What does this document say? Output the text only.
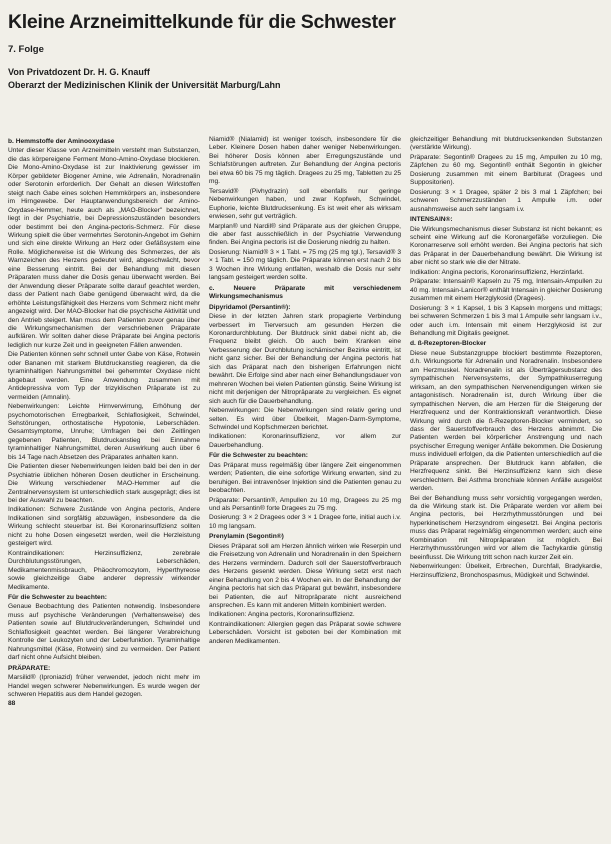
Kleine Arzneimittelkunde für die Schwester
7. Folge
Von Privatdozent Dr. H. G. Knauff
Oberarzt der Medizinischen Klinik der Universität Marburg/Lahn

b. Hemmstoffe der Aminooxydase

Unter dieser Klasse von Arzneimitteln versteht man Substanzen, die das körpereigene Ferment Mono-Amino-Oxydase blockieren. Die Mono-Amino-Oxydase ist zur Inaktivierung gewisser im Körper gebildeter Biogener Amine, wie Adrenalin, Noradrenalin oder Serotonin erforderlich. Der Gehalt an diesen Wirkstoffen steigt nach Gabe eines solchen Hemmkörpers an, insbesondere im Hirngewebe. Der Hauptanwendungsbereich der Amino-Oxydase-Hemmer, heute auch als „MAO-Blocker" bezeichnet, liegt in der Psychiatrie, bei Depressionszuständen besonders oder bestimmt bei den Angina-pectoris-Schmerz. Für diese Wirkung spielt die über vermehrtes Serotonin-Angebot im Gehirn und sich eine direkte Wirkung an Herz oder Gefäßsystem eine Rolle. Möglicherweise ist die Wirkung des Schmerzes, der als Warnzeichen des Herzens gedeutet wird, abgeschwächt, bevor eine Besserung eintritt. Bei der Behandlung mit diesen Präparaten muss daher die Dosis genau überwacht werden. Bei der Anwendung dieser Präparate sollte darauf geachtet werden, dass der Patient nach Gabe genügend überwacht wird, da die erhöhte Leistungsfähigkeit des Herzens vom Schmerz nicht mehr angezeigt wird. Der MAO-Blocker hat die psychische Aktivität und den Antrieb steigert. Man muss dem Patienten zuvor genau über die Wirkungsmechanismen der verschriebenen Präparate aufklären. Wir sollten daher diese Präparate bei Angina pectoris lediglich nur kurze Zeit und in geeigneten Fällen anwenden.

Die Patienten können sehr schnell unter Gabe von Käse, Rotwein oder Bananen mit starkem Blutdruckanstieg reagieren, da die tyraminhaltigen Nahrungsmittel bei gehemmter Oxydase nicht abgebaut werden. Eine Anwendung zusammen mit Antidepressiva vom Typ der trizyklischen Präparate ist zu vermeiden (Amnalin).

Nebenwirkungen: Leichte Hirnverwirrung, Erhöhung der psychomotorischen Erregbarkeit, Schlaflosigkeit, Schwindel, Sehstörungen, orthostatische Hypotonie, Leberschäden. Gesamtsymptome, Unruhe; Umfragen bei den Zeitlingen gegebenen Patienten, Blutdruckanstieg bei Einnahme tyraminhaltiger Nahrungsmittel, deren Auswirkung auch über 6 bis 14 Tage nach Absetzen des Präparates anhalten kann.

Die Patienten dieser Nebenwirkungen leiden bald bei den in der Psychiatrie üblichen höheren Dosen deutlicher in Erscheinung. Die Wirkung verschiedener MAO-Hemmer auf die Zentralnervensystem ist unterschiedlich stark ausgeprägt; dies ist bei der Auswahl zu beachten.

Indikationen: Schwere Zustände von Angina pectoris, Andere Indikationen sind sorgfältig abzuwägen, insbesondere da die Wirkung schlecht steuerbar ist. Bei Koronarinsuffizienz sollten nicht zu hohe Dosen eingesetzt werden, weil die Herzleistung gesteigert wird.

Kontraindikationen: Herzinsuffizienz, zerebrale Durchblutungsstörungen, Leberschäden, Medikamentenmissbrauch, Phäochromozytom, Hyperthyreose sowie gleichzeitige Gabe anderer depressiv wirkender Medikamente.

Für die Schwester zu beachten:

Genaue Beobachtung des Patienten notwendig. Insbesondere muss auf psychische Veränderungen (Verhaltensweise) des Patienten sowie auf Blutdruckveränderungen, Schwindel und Schlaflosigkeit geachtet werden. Bei längerer Verabreichung Kontrolle der Leukozyten und der Leberfunktion. Tyraminhaltige Nahrungsmittel (Käse, Rotwein) sind zu vermeiden. Der Patient darf nicht ohne Aufsicht bleiben.

PRÄPARATE:

Marsilid® (Iproniazid) früher verwendet, jedoch nicht mehr im Handel wegen schwerer Nebenwirkungen. Es wurde wegen der schweren Hepatitis aus dem Handel gezogen.

88

Niamid® (Nialamid) ist weniger toxisch, insbesondere für die Leber. Kleinere Dosen haben daher weniger Nebenwirkungen. Bei höherer Dosis können aber Erregungszustände und Schlafstörungen auftreten. Zur Behandlung der Angina pectoris bei etwa 60 bis 75 mg täglich. Dragees zu 25 mg, Tabletten zu 25 mg.

Tersavid® (Pivhydrazin) soll ebenfalls nur geringe Nebenwirkungen haben, und zwar Kopfweh, Schwindel, Euphorie, leichte Blutdrucksenkung. Es ist weit eher als wirksam erwiesen, sehr gut verträglich.

Marplan® und Nardil® sind Präparate aus der gleichen Gruppe, die aber fast ausschließlich in der Psychiatrie Verwendung finden. Bei Angina pectoris ist die Dosierung niedrig zu halten.

Dosierung: Niamid® 3 × 1 Tabl. = 75 mg (25 mg tgl.), Tersavid® 3 × 1 Tabl. = 150 mg täglich. Die Präparate können erst nach 2 bis 3 Wochen ihre Wirkung entfalten, weshalb die Dosis nur sehr langsam gesteigert werden sollte.

c. Neuere Präparate mit verschiedenem Wirkungsmechanismus

Dipyridamol (Persantin®):

Diese in der letzten Jahren stark propagierte Verbindung verbessert im Tierversuch am gesunden Herzen die Koronardurchblutung. Der Blutdruck sinkt dabei nicht ab, die Frequenz bleibt gleich. Ob auch beim Kranken eine Verbesserung der Durchblutung ischämischer Bezirke eintritt, ist nicht ganz sicher. Bei der Behandlung der Angina pectoris hat sich das Präparat nach den bisherigen Erfahrungen nicht bewährt. Die Erfolge sind aber nach einer Behandlungsdauer von mehreren Wochen bei vielen Patienten günstig. Seine Wirkung ist nicht mit derjenigen der Nitropräparate zu vergleichen. Es eignet sich auch für die Dauerbehandlung.

Nebenwirkungen: Die Nebenwirkungen sind relativ gering und selten. Es wird über Übelkeit, Magen-Darm-Symptome, Schwindel und Kopfschmerzen berichtet.

Indikationen: Koronarinsuffizienz, vor allem zur Dauerbehandlung.

Für die Schwester zu beachten:

Das Präparat muss regelmäßig über längere Zeit eingenommen werden; Patienten, die eine sofortige Wirkung erwarten, sind zu beruhigen. Bei intravenöser Injektion sind die Patienten genau zu beobachten.

Präparate: Persantin®, Ampullen zu 10 mg, Dragees zu 25 mg und als Persantin® forte Dragees zu 75 mg.

Dosierung: 3 × 2 Dragees oder 3 × 1 Dragee forte, initial auch i.v. 10 mg langsam.

Prenylamin (Segontin®)

Dieses Präparat soll am Herzen ähnlich wirken wie Reserpin und die Freisetzung von Adrenalin und Noradrenalin in den Speichern des Herzens vermindern. Dadurch soll der Sauerstoffverbrauch des Herzens gesenkt werden. Diese Wirkung setzt erst nach einer Behandlung von 2 bis 4 Wochen ein. In der Behandlung der Angina pectoris hat sich das Präparat gut bewährt, insbesondere bei Patienten, die auf Nitropräparate nicht ausreichend ansprechen. Es kann mit anderen Mitteln kombiniert werden.

Indikationen: Angina pectoris, Koronarinsuffizienz.

Kontraindikationen: Allergien gegen das Präparat sowie schwere Leberschäden. Vorsicht ist geboten bei der Kombination mit anderen Medikamenten.

gleichzeitiger Behandlung mit blutdrucksenkenden Substanzen (verstärkte Wirkung).

Präparate: Segontin® Dragees zu 15 mg, Ampullen zu 10 mg, Zäpfchen zu 60 mg. Segontin® enthält Segontin in gleicher Dosierung zusammen mit einem Barbiturat (Dragees und Suppositorien).

Dosierung: 3 × 1 Dragee, später 2 bis 3 mal 1 Zäpfchen; bei schweren Schmerzzuständen 1 Ampulle i.m. oder ausnahmsweise auch sehr langsam i.v.

INTENSAIN®:

Die Wirkungsmechanismus dieser Substanz ist nicht bekannt; es scheint eine Wirkung auf die Koronargefäße vorzuliegen. Die Koronarreserve soll erhöht werden. Bei Angina pectoris hat sich das Präparat in der Dauerbehandlung bewährt. Die Wirkung ist aber nicht so stark wie die der Nitrate.

Indikation: Angina pectoris, Koronarinsuffizienz, Herzinfarkt.

Präparate: Intensain® Kapseln zu 75 mg, Intensain-Ampullen zu 40 mg. Intensain-Lanicor® enthält Intensain in gleicher Dosierung zusammen mit einem Herzglykosid (Dragees).

Dosierung: 3 × 1 Kapsel, 1 bis 3 Kapseln morgens und mittags; bei schweren Schmerzen 1 bis 3 mal 1 Ampulle sehr langsam i.v., oder auch i.m. Intensain mit einem Herzglykosid ist zur Behandlung mit Digitalis geeignet.

d. ß-Rezeptoren-Blocker

Diese neue Substanzgruppe blockiert bestimmte Rezeptoren, d.h. Wirkungsorte für Adrenalin und Noradrenalin. Insbesondere am Herzmuskel. Noradrenalin ist als Überträgersubstanz des sympathischen Nervensystems, der Sympathikuserregung wirksam, an den sympathischen Nervenendigungen wirken sie antagonistisch. Noradrenalin ist, durch Wirkung über die sympathischen Nerven, die am Herzen für die Steigerung der Herzfrequenz und der Kontraktionskraft verantwortlich. Diese Wirkung wird durch die ß-Rezeptoren-Blocker vermindert, so dass der Sauerstoffverbrauch des Herzens abnimmt. Die Patienten werden bei körperlicher Anstrengung und nach psychischer Erregung weniger Anfälle bekommen. Die Dosierung muss individuell erfolgen, da die Patienten unterschiedlich auf die Präparate ansprechen. Der Blutdruck kann abfallen, die Herzfrequenz sinkt. Bei Herzinsuffizienz kann sich diese verschlechtern. Bei Asthma bronchiale können Anfälle ausgelöst werden.

Bei der Behandlung muss sehr vorsichtig vorgegangen werden, da die Wirkung stark ist. Die Präparate werden vor allem bei Angina pectoris, bei Herzrhythmusstörungen und bei hyperkinetischem Herzsyndrom eingesetzt. Bei Angina pectoris muss das Präparat regelmäßig eingenommen werden; auch eine Kombination mit Nitropräparaten ist möglich. Bei Herzrhythmusstörungen wird vor allem die Tachykardie günstig beeinflusst. Die Wirkung tritt schon nach kurzer Zeit ein.

Nebenwirkungen: Übelkeit, Erbrechen, Durchfall, Bradykardie, Herzinsuffizienz, Bronchospasmus, Müdigkeit und Schwindel.
